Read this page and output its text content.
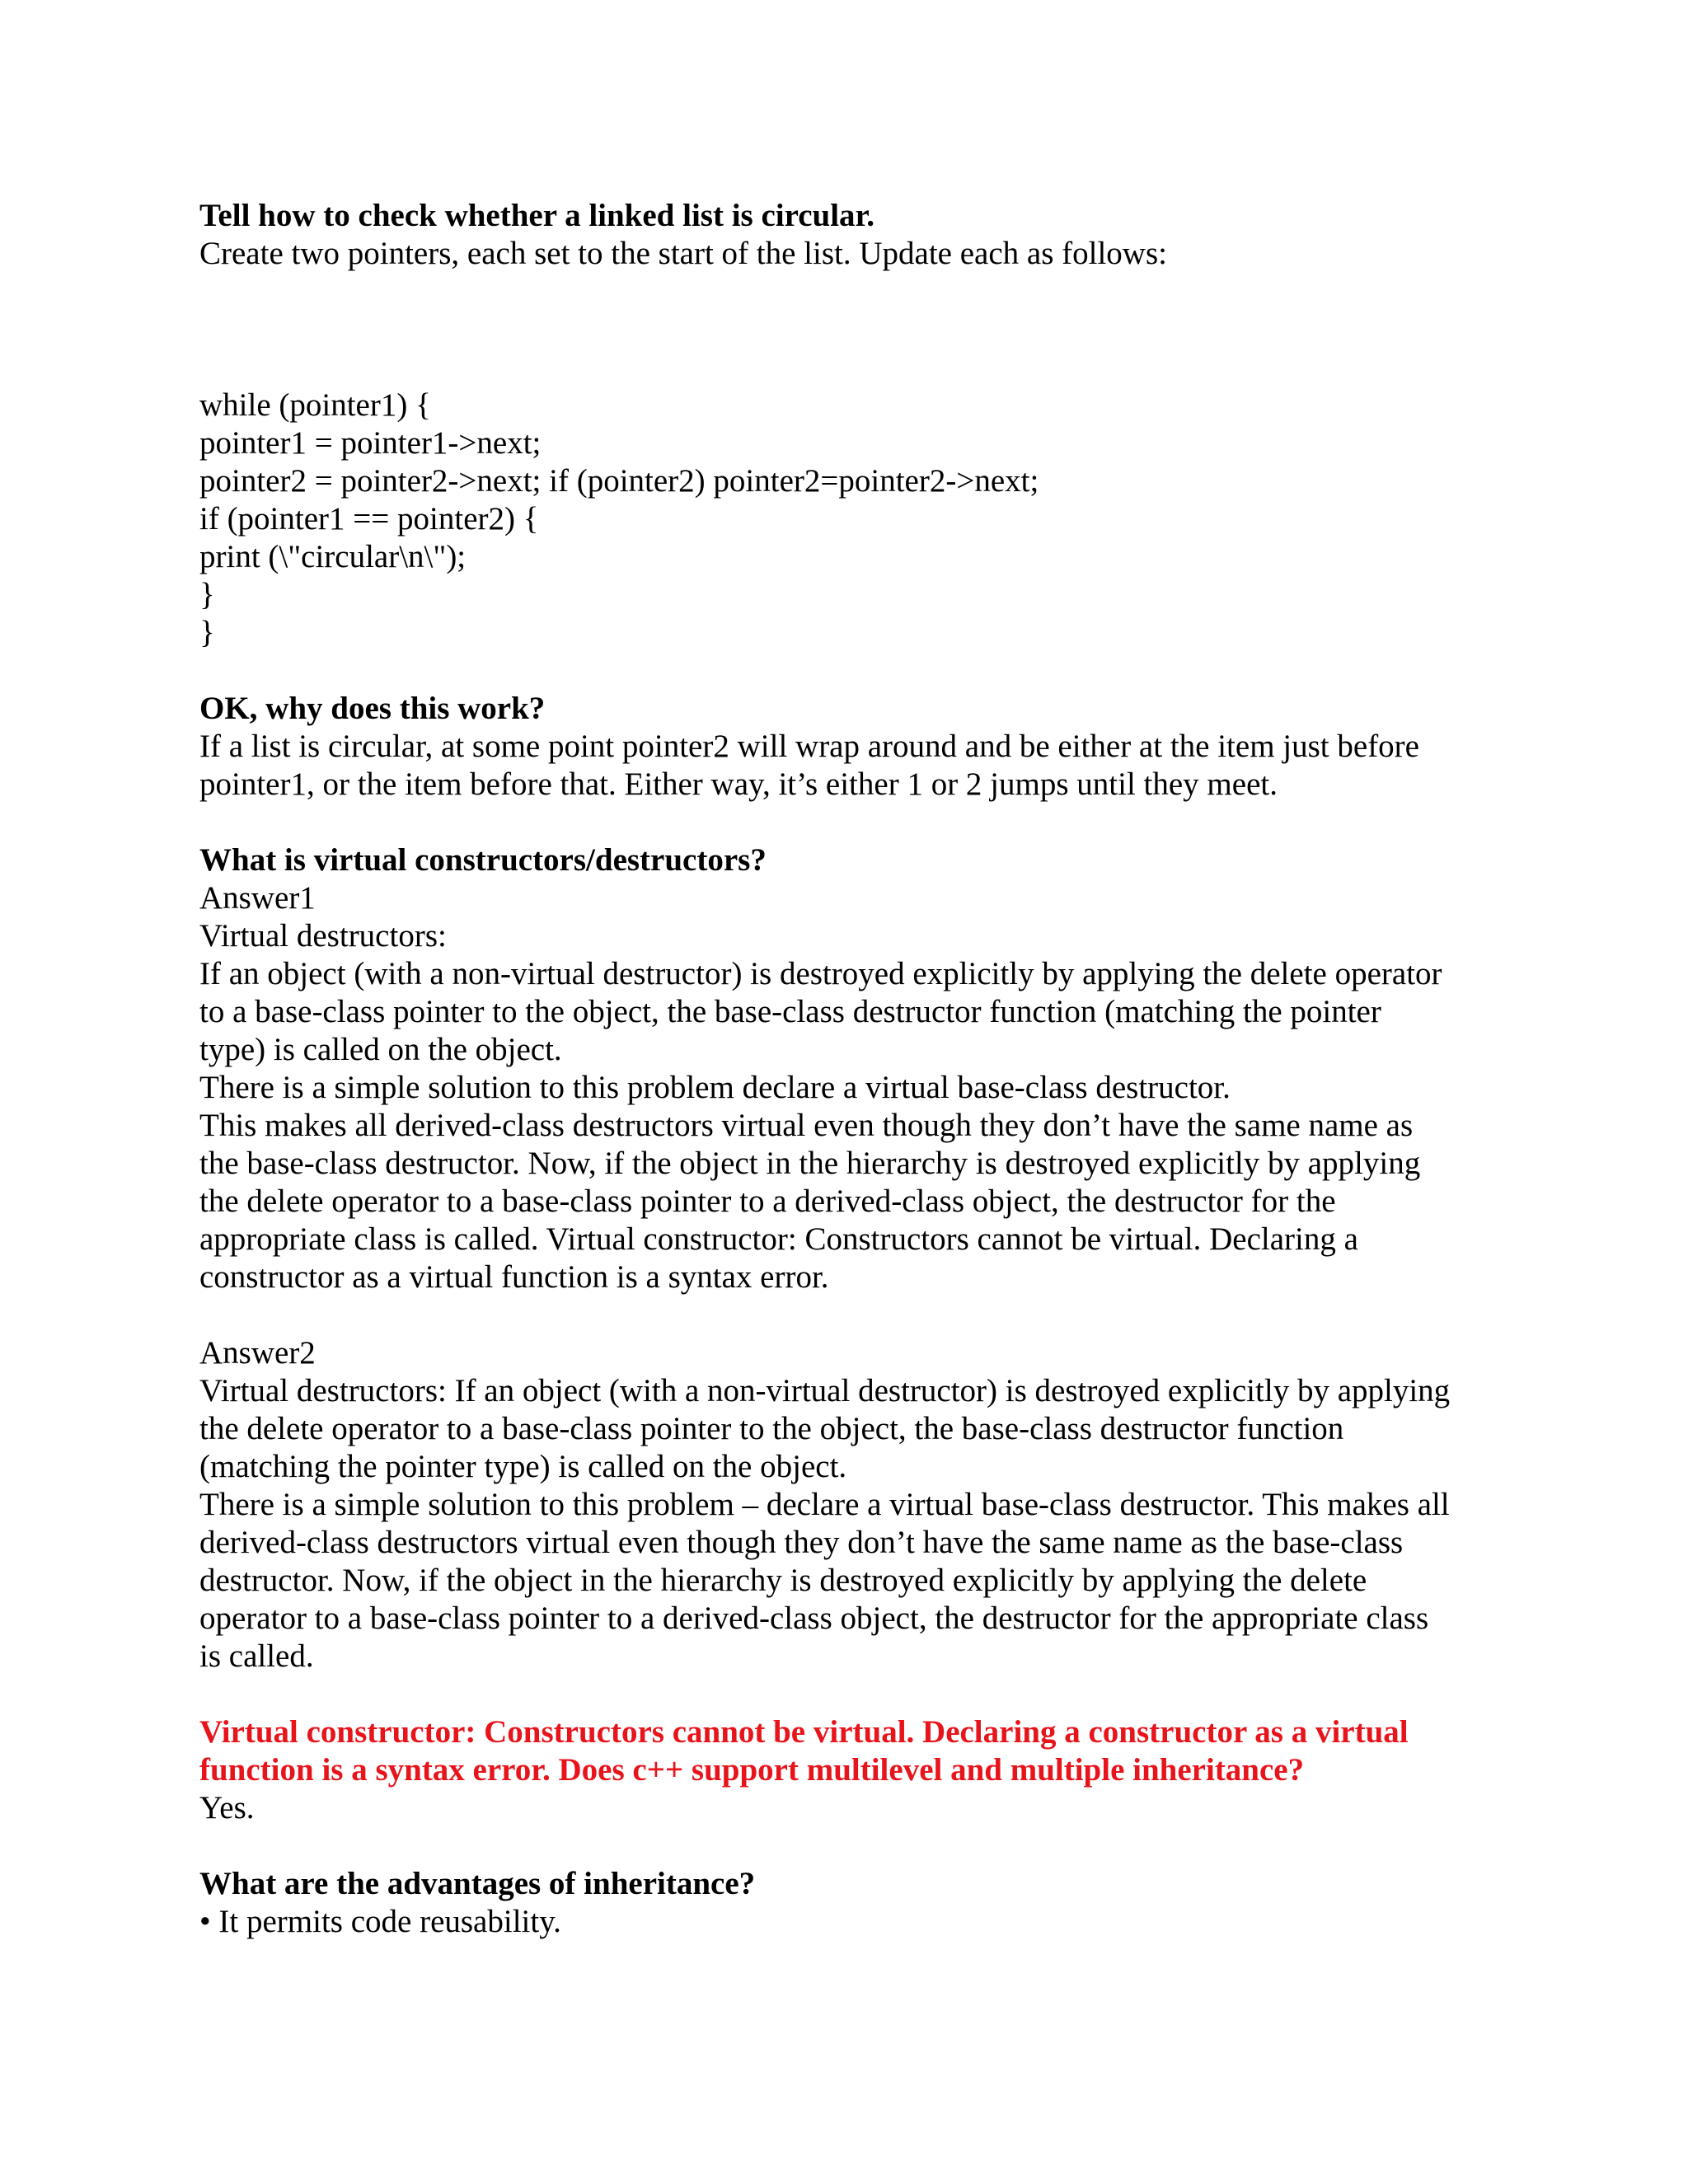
Tell how to check whether a linked list is circular.
Create two pointers, each set to the start of the list. Update each as follows:
while (pointer1) {
pointer1 = pointer1->next;
pointer2 = pointer2->next; if (pointer2) pointer2=pointer2->next;
if (pointer1 == pointer2) {
print (\"circular\n\");
}
}
OK, why does this work?
If a list is circular, at some point pointer2 will wrap around and be either at the item just before
pointer1, or the item before that. Either way, it’s either 1 or 2 jumps until they meet.
What is virtual constructors/destructors?
Answer1
Virtual destructors:
If an object (with a non-virtual destructor) is destroyed explicitly by applying the delete operator
to a base-class pointer to the object, the base-class destructor function (matching the pointer
type) is called on the object.
There is a simple solution to this problem declare a virtual base-class destructor.
This makes all derived-class destructors virtual even though they don’t have the same name as
the base-class destructor. Now, if the object in the hierarchy is destroyed explicitly by applying
the delete operator to a base-class pointer to a derived-class object, the destructor for the
appropriate class is called. Virtual constructor: Constructors cannot be virtual. Declaring a
constructor as a virtual function is a syntax error.
Answer2
Virtual destructors: If an object (with a non-virtual destructor) is destroyed explicitly by applying
the delete operator to a base-class pointer to the object, the base-class destructor function
(matching the pointer type) is called on the object.
There is a simple solution to this problem – declare a virtual base-class destructor. This makes all
derived-class destructors virtual even though they don’t have the same name as the base-class
destructor. Now, if the object in the hierarchy is destroyed explicitly by applying the delete
operator to a base-class pointer to a derived-class object, the destructor for the appropriate class
is called.
Virtual constructor: Constructors cannot be virtual. Declaring a constructor as a virtual
function is a syntax error. Does c++ support multilevel and multiple inheritance?
Yes.
What are the advantages of inheritance?
• It permits code reusability.
